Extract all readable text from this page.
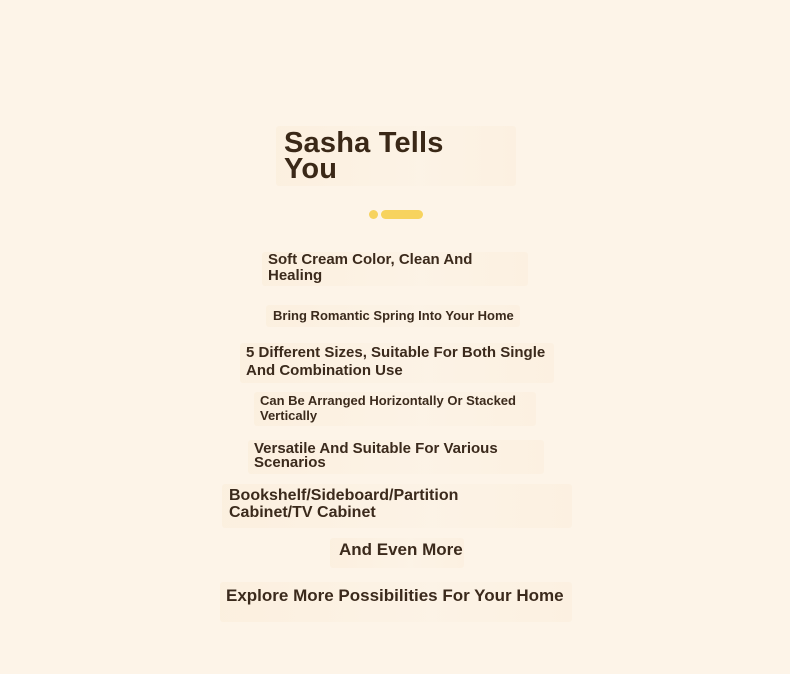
Sasha Tells
You
Soft Cream Color, Clean And
Healing
Bring Romantic Spring Into Your Home
5 Different Sizes, Suitable For Both Single
And Combination Use
Can Be Arranged Horizontally Or Stacked
Vertically
Versatile And Suitable For Various
Scenarios
Bookshelf/Sideboard/Partition
Cabinet/TV Cabinet
And Even More
Explore More Possibilities For Your Home
